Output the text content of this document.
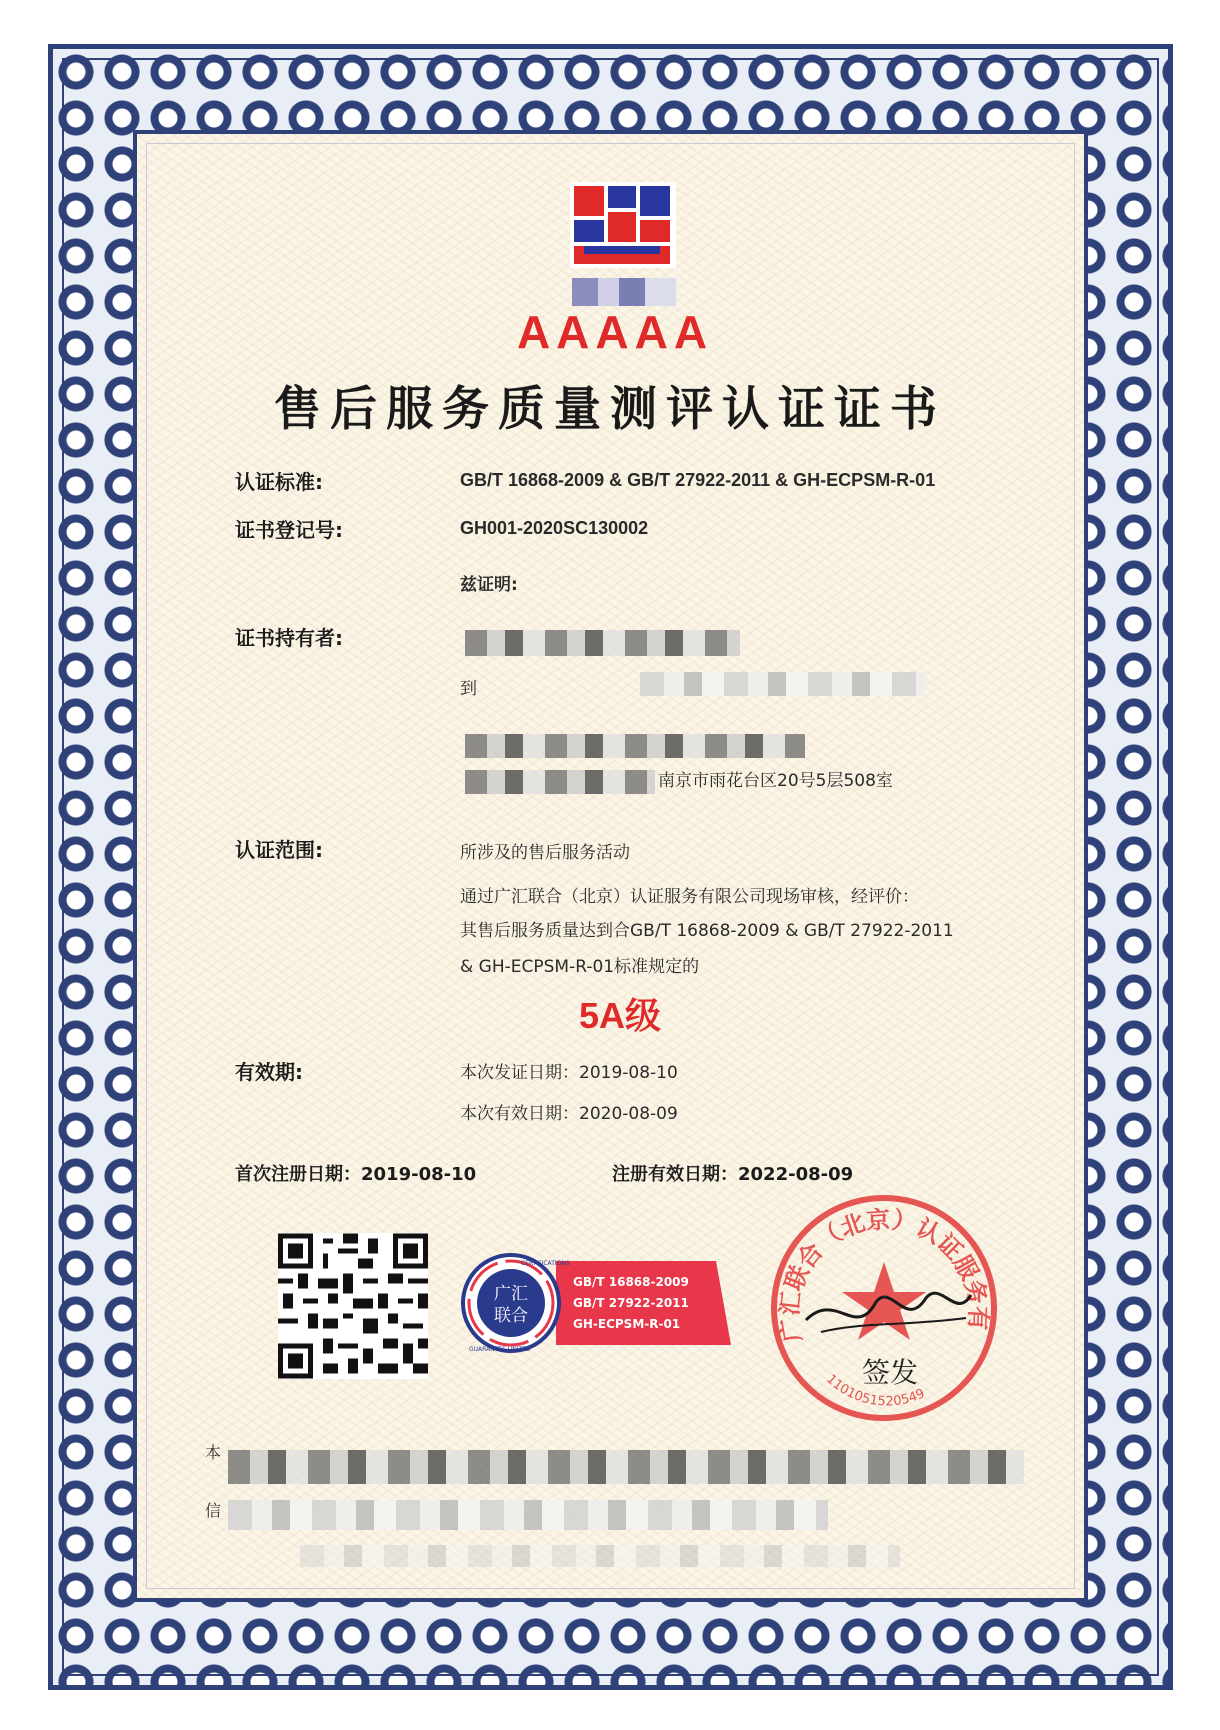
AAAAA
售后服务质量测评认证证书
认证标准:	GB/T 16868-2009 & GB/T 27922-2011 & GH-ECPSM-R-01
证书登记号:	GH001-2020SC130002
兹证明:
证书持有者:
到
南京市雨花台区20号5层508室
认证范围:	所涉及的售后服务活动
通过广汇联合（北京）认证服务有限公司现场审核，经评价：
其售后服务质量达到合GB/T 16868-2009 & GB/T 27922-2011
& GH-ECPSM-R-01标准规定的
5A级
有效期:	本次发证日期：2019-08-10
本次有效日期：2020-08-09
首次注册日期：2019-08-10	注册有效日期：2022-08-09
广汇
联合
GB/T 16868-2009
GB/T 27922-2011
GH-ECPSM-R-01
GUARANTEE UNITED
CERTIFICATIONS
广汇联合（北京）认证服务有
1101051520549
签发
本
信
